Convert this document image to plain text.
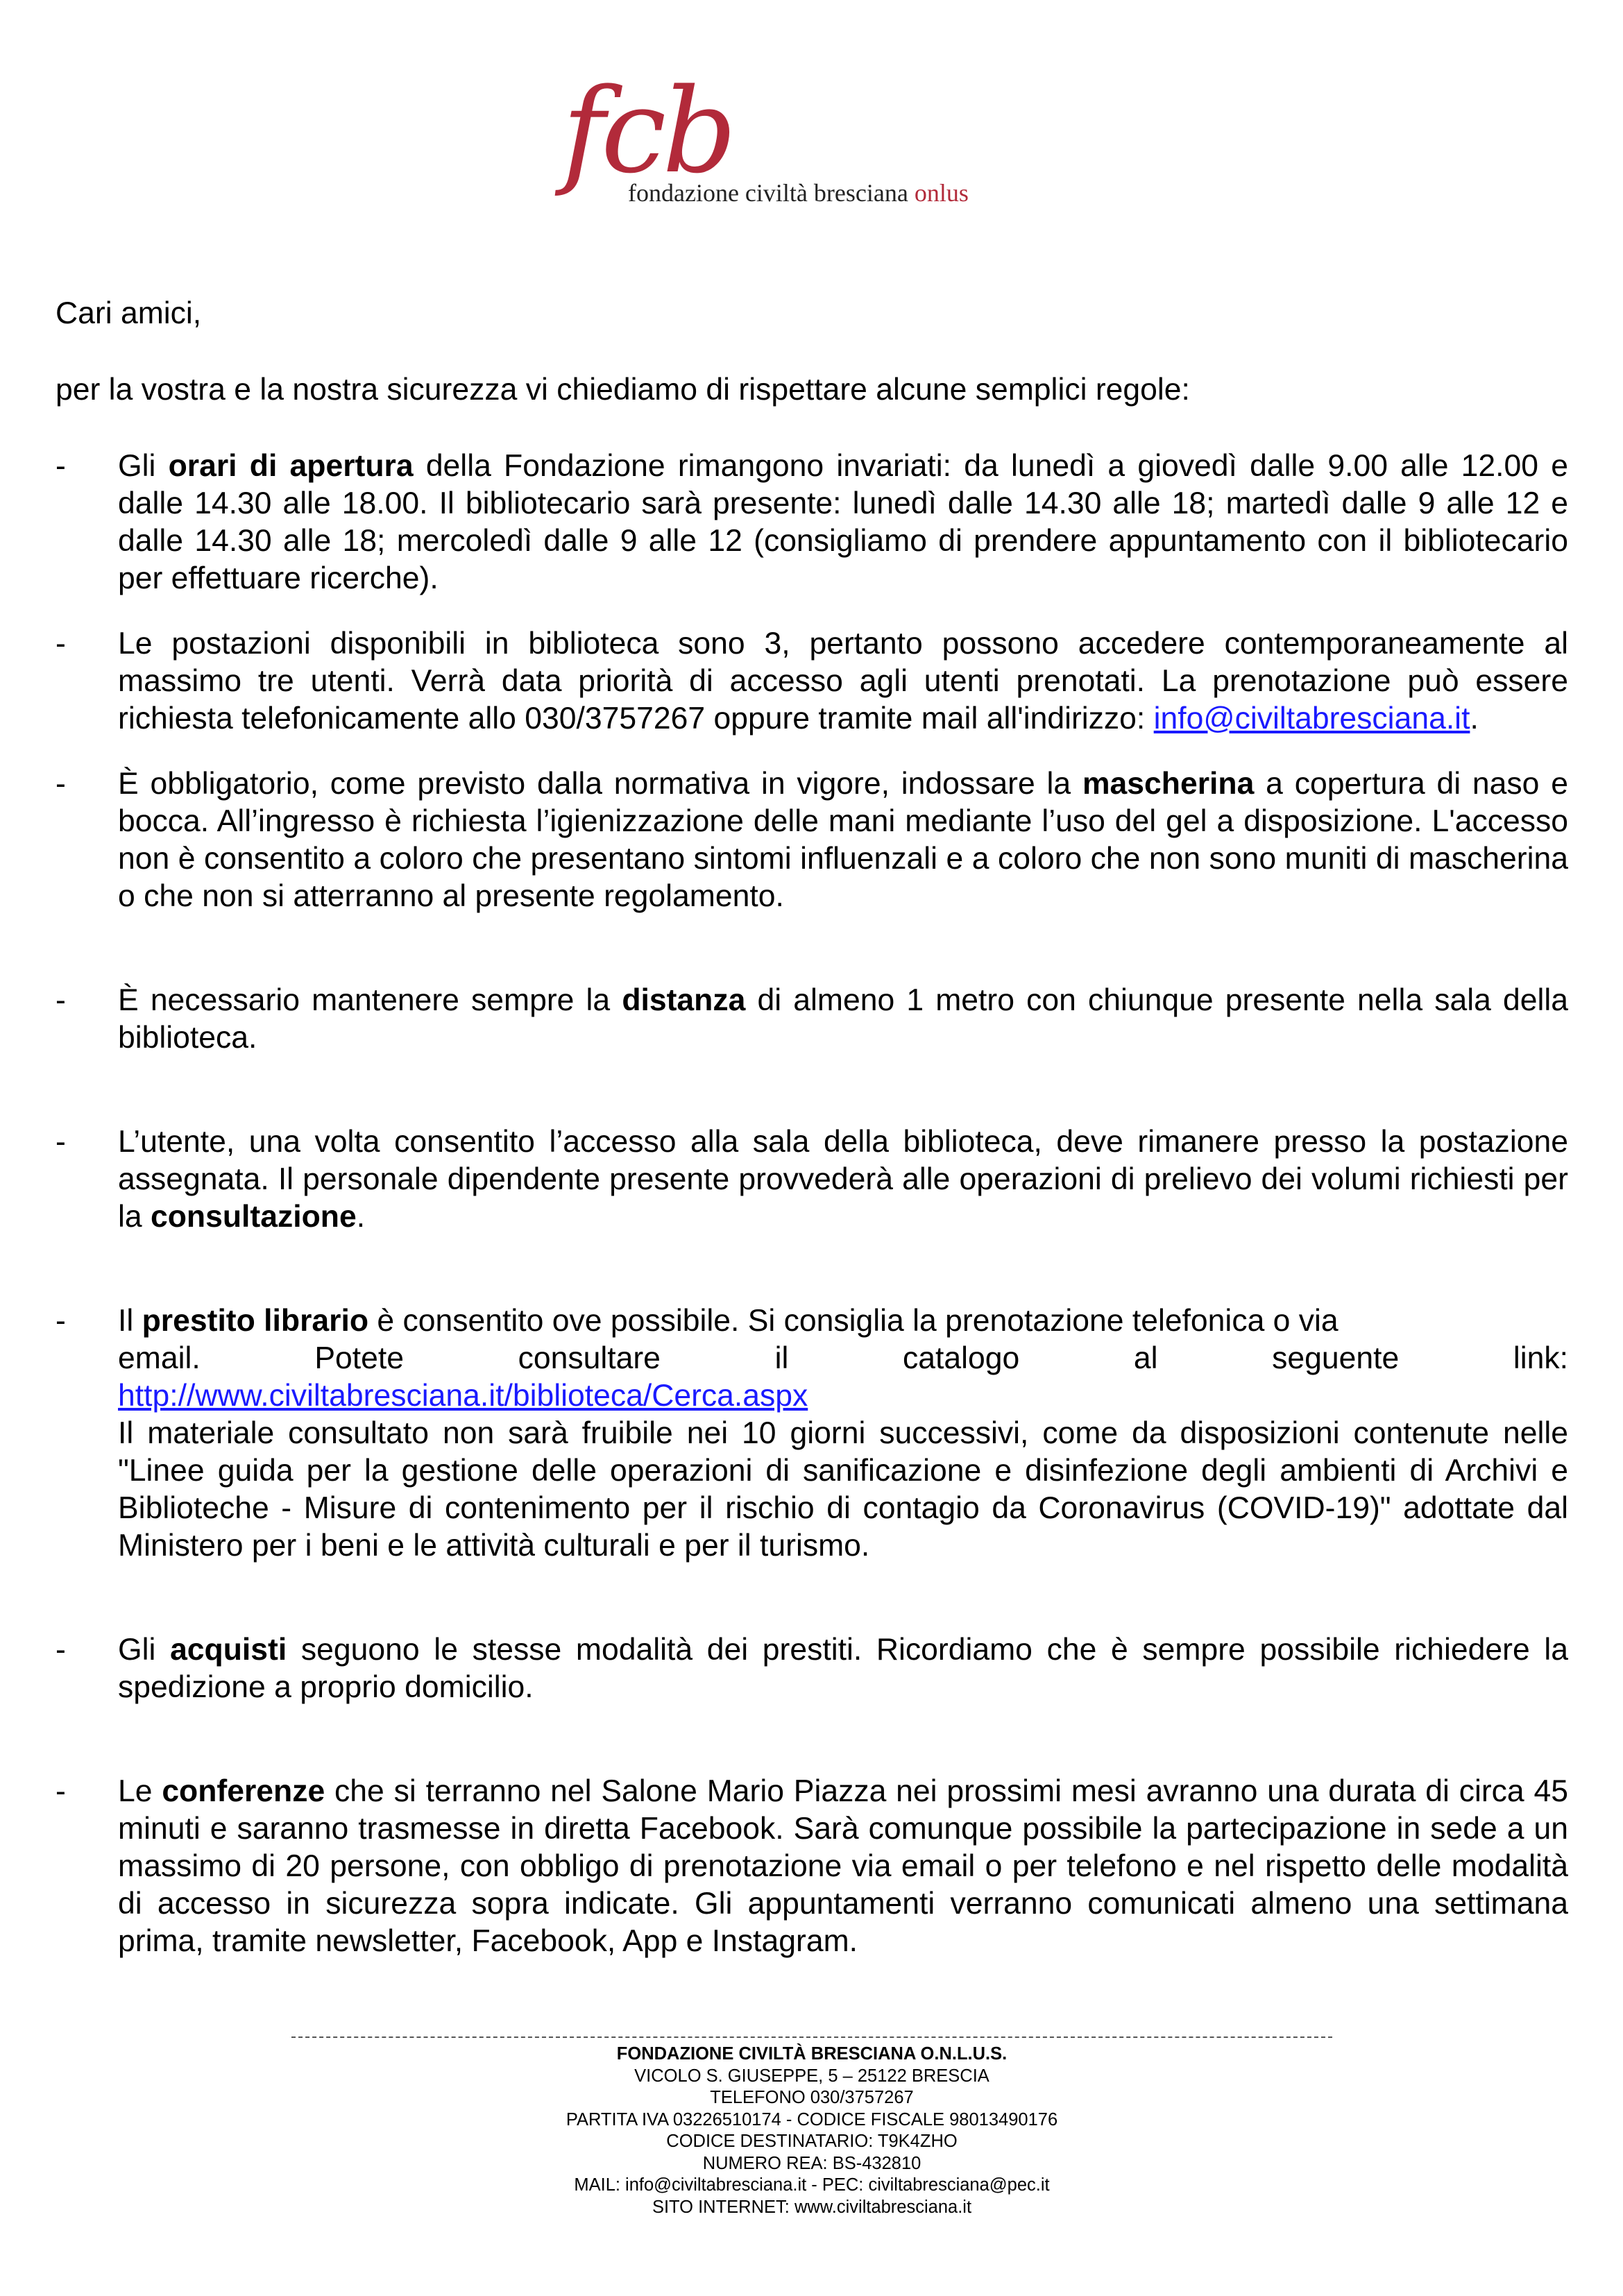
fcb
fondazione civiltà bresciana onlus

Cari amici,

per la vostra e la nostra sicurezza vi chiediamo di rispettare alcune semplici regole:

- Gli orari di apertura della Fondazione rimangono invariati: da lunedì a giovedì dalle 9.00 alle 12.00 e dalle 14.30 alle 18.00. Il bibliotecario sarà presente: lunedì dalle 14.30 alle 18; martedì dalle 9 alle 12 e dalle 14.30 alle 18; mercoledì dalle 9 alle 12 (consigliamo di prendere appuntamento con il bibliotecario per effettuare ricerche).

- Le postazioni disponibili in biblioteca sono 3, pertanto possono accedere contemporaneamente al massimo tre utenti. Verrà data priorità di accesso agli utenti prenotati. La prenotazione può essere richiesta telefonicamente allo 030/3757267 oppure tramite mail all'indirizzo: info@civiltabresciana.it.

- È obbligatorio, come previsto dalla normativa in vigore, indossare la mascherina a copertura di naso e bocca. All’ingresso è richiesta l’igienizzazione delle mani mediante l’uso del gel a disposizione. L'accesso non è consentito a coloro che presentano sintomi influenzali e a coloro che non sono muniti di mascherina o che non si atterranno al presente regolamento.

- È necessario mantenere sempre la distanza di almeno 1 metro con chiunque presente nella sala della biblioteca.

- L’utente, una volta consentito l’accesso alla sala della biblioteca, deve rimanere presso la postazione assegnata. Il personale dipendente presente provvederà alle operazioni di prelievo dei volumi richiesti per la consultazione.

- Il prestito librario è consentito ove possibile. Si consiglia la prenotazione telefonica o via

email.	Potete	consultare	il	catalogo	al	seguente	link:

http://www.civiltabresciana.it/biblioteca/Cerca.aspx

Il materiale consultato non sarà fruibile nei 10 giorni successivi, come da disposizioni contenute nelle "Linee guida per la gestione delle operazioni di sanificazione e disinfezione degli ambienti di Archivi e Biblioteche - Misure di contenimento per il rischio di contagio da Coronavirus (COVID-19)" adottate dal Ministero per i beni e le attività culturali e per il turismo.

- Gli acquisti seguono le stesse modalità dei prestiti. Ricordiamo che è sempre possibile richiedere la spedizione a proprio domicilio.

- Le conferenze che si terranno nel Salone Mario Piazza nei prossimi mesi avranno una durata di circa 45 minuti e saranno trasmesse in diretta Facebook. Sarà comunque possibile la partecipazione in sede a un massimo di 20 persone, con obbligo di prenotazione via email o per telefono e nel rispetto delle modalità di accesso in sicurezza sopra indicate. Gli appuntamenti verranno comunicati almeno una settimana prima, tramite newsletter, Facebook, App e Instagram.

FONDAZIONE CIVILTÀ BRESCIANA O.N.L.U.S.
VICOLO S. GIUSEPPE, 5 – 25122 BRESCIA
TELEFONO 030/3757267
PARTITA IVA 03226510174 - CODICE FISCALE 98013490176
CODICE DESTINATARIO: T9K4ZHO
NUMERO REA: BS-432810
MAIL: info@civiltabresciana.it - PEC: civiltabresciana@pec.it
SITO INTERNET: www.civiltabresciana.it
